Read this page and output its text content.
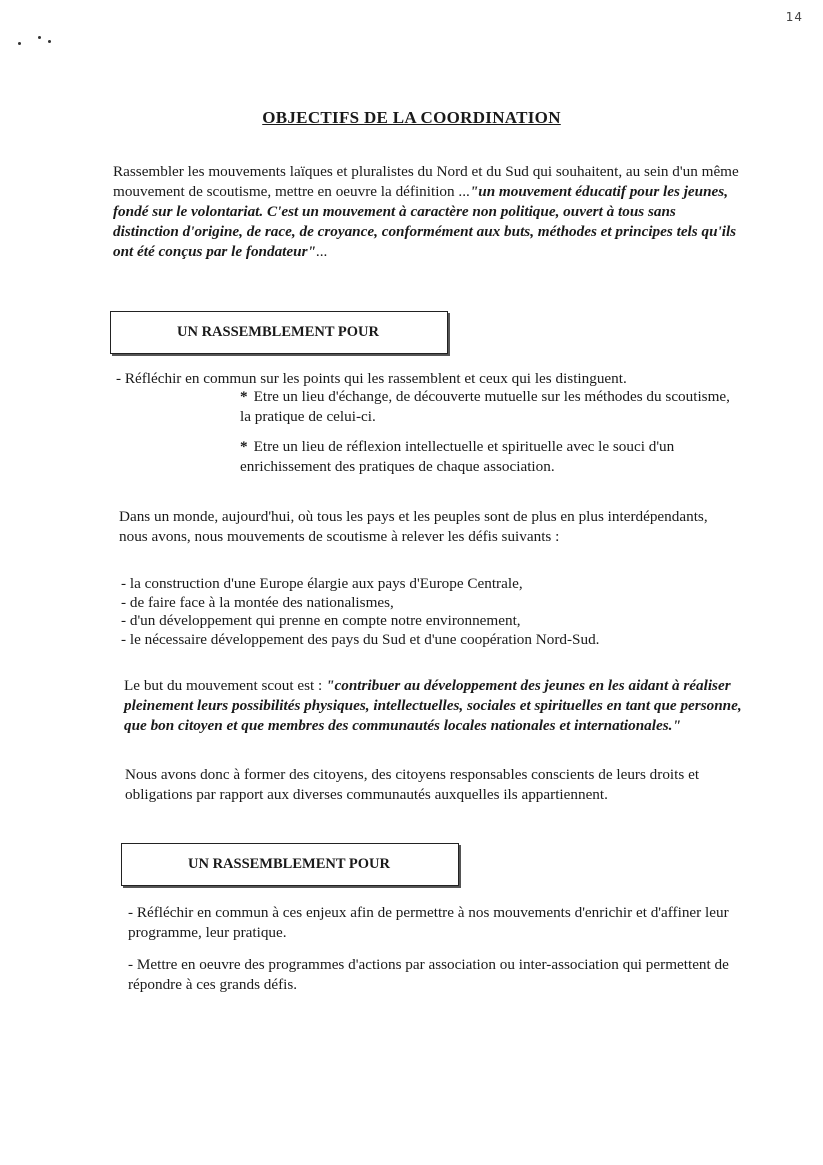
14
OBJECTIFS DE LA COORDINATION

Rassembler les mouvements laïques et pluralistes du Nord et du Sud qui souhaitent, au sein d'un même mouvement de scoutisme, mettre en oeuvre la définition ..."un mouvement éducatif pour les jeunes, fondé sur le volontariat. C'est un mouvement à caractère non politique, ouvert à tous sans distinction d'origine, de race, de croyance, conformément aux buts, méthodes et principes tels qu'ils ont été conçus par le fondateur"...

UN RASSEMBLEMENT POUR

- Réfléchir en commun sur les points qui les rassemblent et ceux qui les distinguent.

* Etre un lieu d'échange, de découverte mutuelle sur les méthodes du scoutisme, la pratique de celui-ci.
* Etre un lieu de réflexion intellectuelle et spirituelle avec le souci d'un enrichissement des pratiques de chaque association.

Dans un monde, aujourd'hui, où tous les pays et les peuples sont de plus en plus interdépendants, nous avons, nous mouvements de scoutisme à relever les défis suivants :

- la construction d'une Europe élargie aux pays d'Europe Centrale,
- de faire face à la montée des nationalismes,
- d'un développement qui prenne en compte notre environnement,
- le nécessaire développement des pays du Sud et d'une coopération Nord-Sud.

Le but du mouvement scout est : "contribuer au développement des jeunes en les aidant à réaliser pleinement leurs possibilités physiques, intellectuelles, sociales et spirituelles en tant que personne, que bon citoyen et que membres des communautés locales nationales et internationales."

Nous avons donc à former des citoyens, des citoyens responsables conscients de leurs droits et obligations par rapport aux diverses communautés auxquelles ils appartiennent.

UN RASSEMBLEMENT POUR

- Réfléchir en commun à ces enjeux afin de permettre à nos mouvements d'enrichir et d'affiner leur programme, leur pratique.

- Mettre en oeuvre des programmes d'actions par association ou inter-association qui permettent de répondre à ces grands défis.
